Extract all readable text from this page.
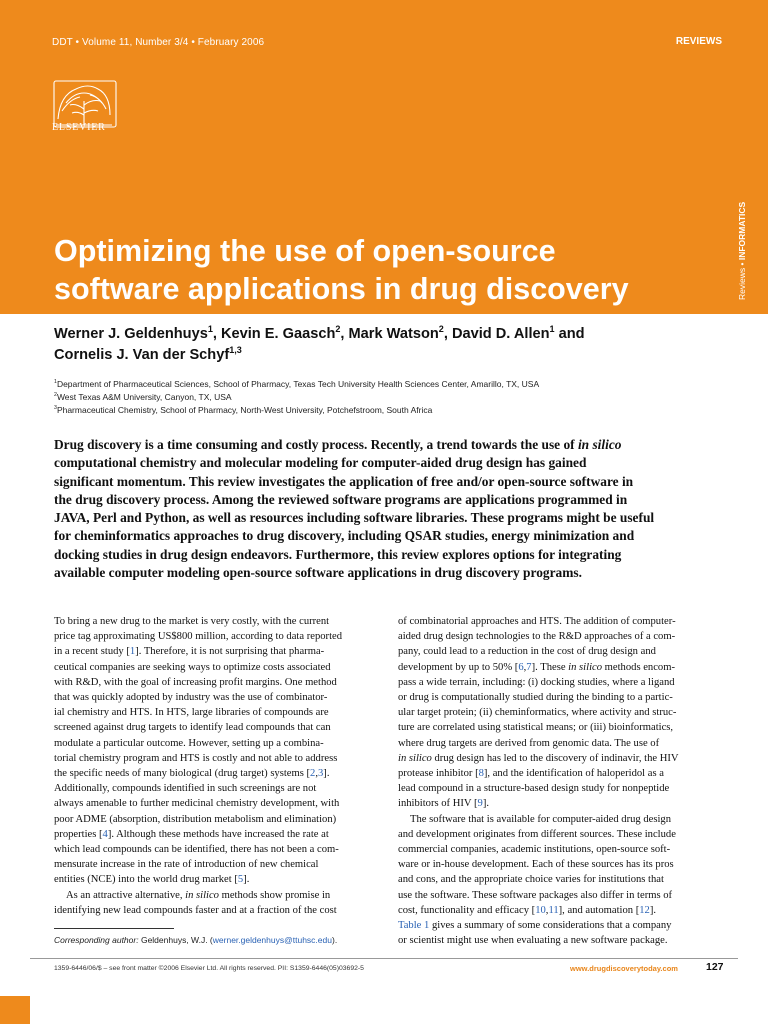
DDT • Volume 11, Number 3/4 • February 2006	REVIEWS
ELSEVIER
Reviews • INFORMATICS
Optimizing the use of open-source
software applications in drug discovery
Werner J. Geldenhuys$^1$, Kevin E. Gaasch$^2$, Mark Watson$^2$, David D. Allen$^1$ and
Cornelis J. Van der Schyf$^{1,3}$
$^1$Department of Pharmaceutical Sciences, School of Pharmacy, Texas Tech University Health Sciences Center, Amarillo, TX, USA
$^2$West Texas A&M University, Canyon, TX, USA
$^3$Pharmaceutical Chemistry, School of Pharmacy, North-West University, Potchefstroom, South Africa
Drug discovery is a time consuming and costly process. Recently, a trend towards the use of in silico
computational chemistry and molecular modeling for computer-aided drug design has gained
significant momentum. This review investigates the application of free and/or open-source software in
the drug discovery process. Among the reviewed software programs are applications programmed in
JAVA, Perl and Python, as well as resources including software libraries. These programs might be useful
for cheminformatics approaches to drug discovery, including QSAR studies, energy minimization and
docking studies in drug design endeavors. Furthermore, this review explores options for integrating
available computer modeling open-source software applications in drug discovery programs.
To bring a new drug to the market is very costly, with the current
price tag approximating US$800 million, according to data reported
in a recent study [1]. Therefore, it is not surprising that pharma-
ceutical companies are seeking ways to optimize costs associated
with R&D, with the goal of increasing profit margins. One method
that was quickly adopted by industry was the use of combinator-
ial chemistry and HTS. In HTS, large libraries of compounds are
screened against drug targets to identify lead compounds that can
modulate a particular outcome. However, setting up a combina-
torial chemistry program and HTS is costly and not able to address
the specific needs of many biological (drug target) systems [2,3].
Additionally, compounds identified in such screenings are not
always amenable to further medicinal chemistry development, with
poor ADME (absorption, distribution metabolism and elimination)
properties [4]. Although these methods have increased the rate at
which lead compounds can be identified, there has not been a com-
mensurate increase in the rate of introduction of new chemical
entities (NCE) into the world drug market [5].
As an attractive alternative, in silico methods show promise in
identifying new lead compounds faster and at a fraction of the cost
of combinatorial approaches and HTS. The addition of computer-
aided drug design technologies to the R&D approaches of a com-
pany, could lead to a reduction in the cost of drug design and
development by up to 50% [6,7]. These in silico methods encom-
pass a wide terrain, including: (i) docking studies, where a ligand
or drug is computationally studied during the binding to a partic-
ular target protein; (ii) cheminformatics, where activity and struc-
ture are correlated using statistical means; or (iii) bioinformatics,
where drug targets are derived from genomic data. The use of
in silico drug design has led to the discovery of indinavir, the HIV
protease inhibitor [8], and the identification of haloperidol as a
lead compound in a structure-based design study for nonpeptide
inhibitors of HIV [9].
The software that is available for computer-aided drug design
and development originates from different sources. These include
commercial companies, academic institutions, open-source soft-
ware or in-house development. Each of these sources has its pros
and cons, and the appropriate choice varies for institutions that
use the software. These software packages also differ in terms of
cost, functionality and efficacy [10,11], and automation [12].
Table 1 gives a summary of some considerations that a company
or scientist might use when evaluating a new software package.
Corresponding author: Geldenhuys, W.J. (werner.geldenhuys@ttuhsc.edu).
1359-6446/06/$ – see front matter ©2006 Elsevier Ltd. All rights reserved. PII: S1359-6446(05)03692-5	www.drugdiscoverytoday.com	127
